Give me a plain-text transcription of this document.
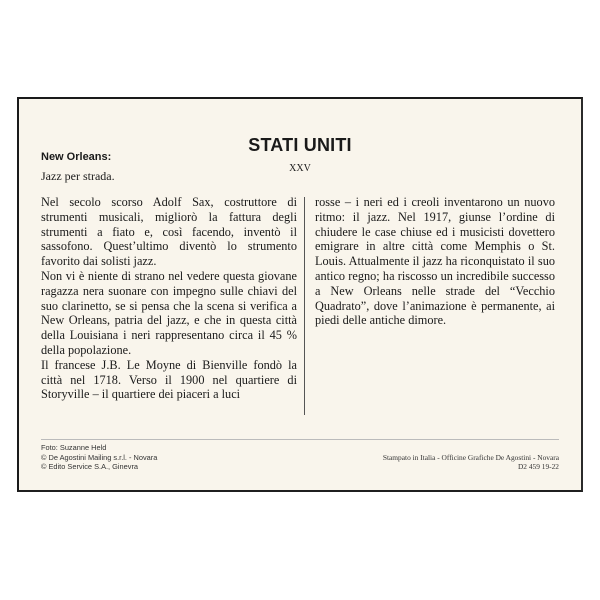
STATI UNITI
XXV
New Orleans:
Jazz per strada.

Nel secolo scorso Adolf Sax, costruttore di strumenti musicali, migliorò la fattura degli strumenti a fiato e, così facendo, inventò il sassofono. Quest’ultimo diventò lo strumento favorito dai solisti jazz.

Non vi è niente di strano nel vedere questa giovane ragazza nera suonare con impegno sulle chiavi del suo clarinetto, se si pensa che la scena si verifica a New Orleans, patria del jazz, e che in questa città della Louisiana i neri rappresentano circa il 45 % della popolazione.

Il francese J.B. Le Moyne di Bienville fondò la città nel 1718. Verso il 1900 nel quartiere di Storyville – il quartiere dei piaceri a luci

rosse – i neri ed i creoli inventarono un nuovo ritmo: il jazz. Nel 1917, giunse l’ordine di chiudere le case chiuse ed i musicisti dovettero emigrare in altre città come Memphis o St. Louis. Attualmente il jazz ha riconquistato il suo antico regno; ha riscosso un incredibile successo a New Orleans nelle strade del “Vecchio Quadrato”, dove l’animazione è permanente, ai piedi delle antiche dimore.

Foto: Suzanne Held
© De Agostini Mailing s.r.l. - Novara
© Edito Service S.A., Ginevra
Stampato in Italia - Officine Grafiche De Agostini - Novara
D2 459 19-22
